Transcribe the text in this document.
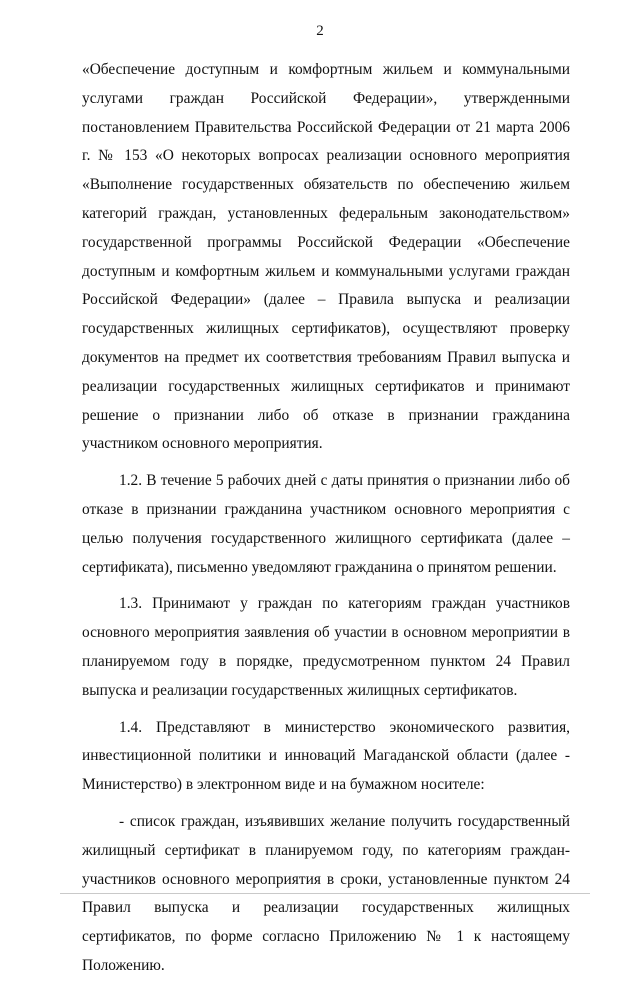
2

«Обеспечение доступным и комфортным жильем и коммунальными услугами граждан Российской Федерации», утвержденными постановлением Правительства Российской Федерации от 21 марта 2006 г. № 153 «О некоторых вопросах реализации основного мероприятия «Выполнение государственных обязательств по обеспечению жильем категорий граждан, установленных федеральным законодательством» государственной программы Российской Федерации «Обеспечение доступным и комфортным жильем и коммунальными услугами граждан Российской Федерации» (далее – Правила выпуска и реализации государственных жилищных сертификатов), осуществляют проверку документов на предмет их соответствия требованиям Правил выпуска и реализации государственных жилищных сертификатов и принимают решение о признании либо об отказе в признании гражданина участником основного мероприятия.

1.2. В течение 5 рабочих дней с даты принятия о признании либо об отказе в признании гражданина участником основного мероприятия с целью получения государственного жилищного сертификата (далее – сертификата), письменно уведомляют гражданина о принятом решении.

1.3. Принимают у граждан по категориям граждан участников основного мероприятия заявления об участии в основном мероприятии в планируемом году в порядке, предусмотренном пунктом 24 Правил выпуска и реализации государственных жилищных сертификатов.

1.4. Представляют в министерство экономического развития, инвестиционной политики и инноваций Магаданской области (далее - Министерство) в электронном виде и на бумажном носителе:

- список граждан, изъявивших желание получить государственный жилищный сертификат в планируемом году, по категориям граждан-участников основного мероприятия в сроки, установленные пунктом 24 Правил выпуска и реализации государственных жилищных сертификатов, по форме согласно Приложению № 1 к настоящему Положению.
